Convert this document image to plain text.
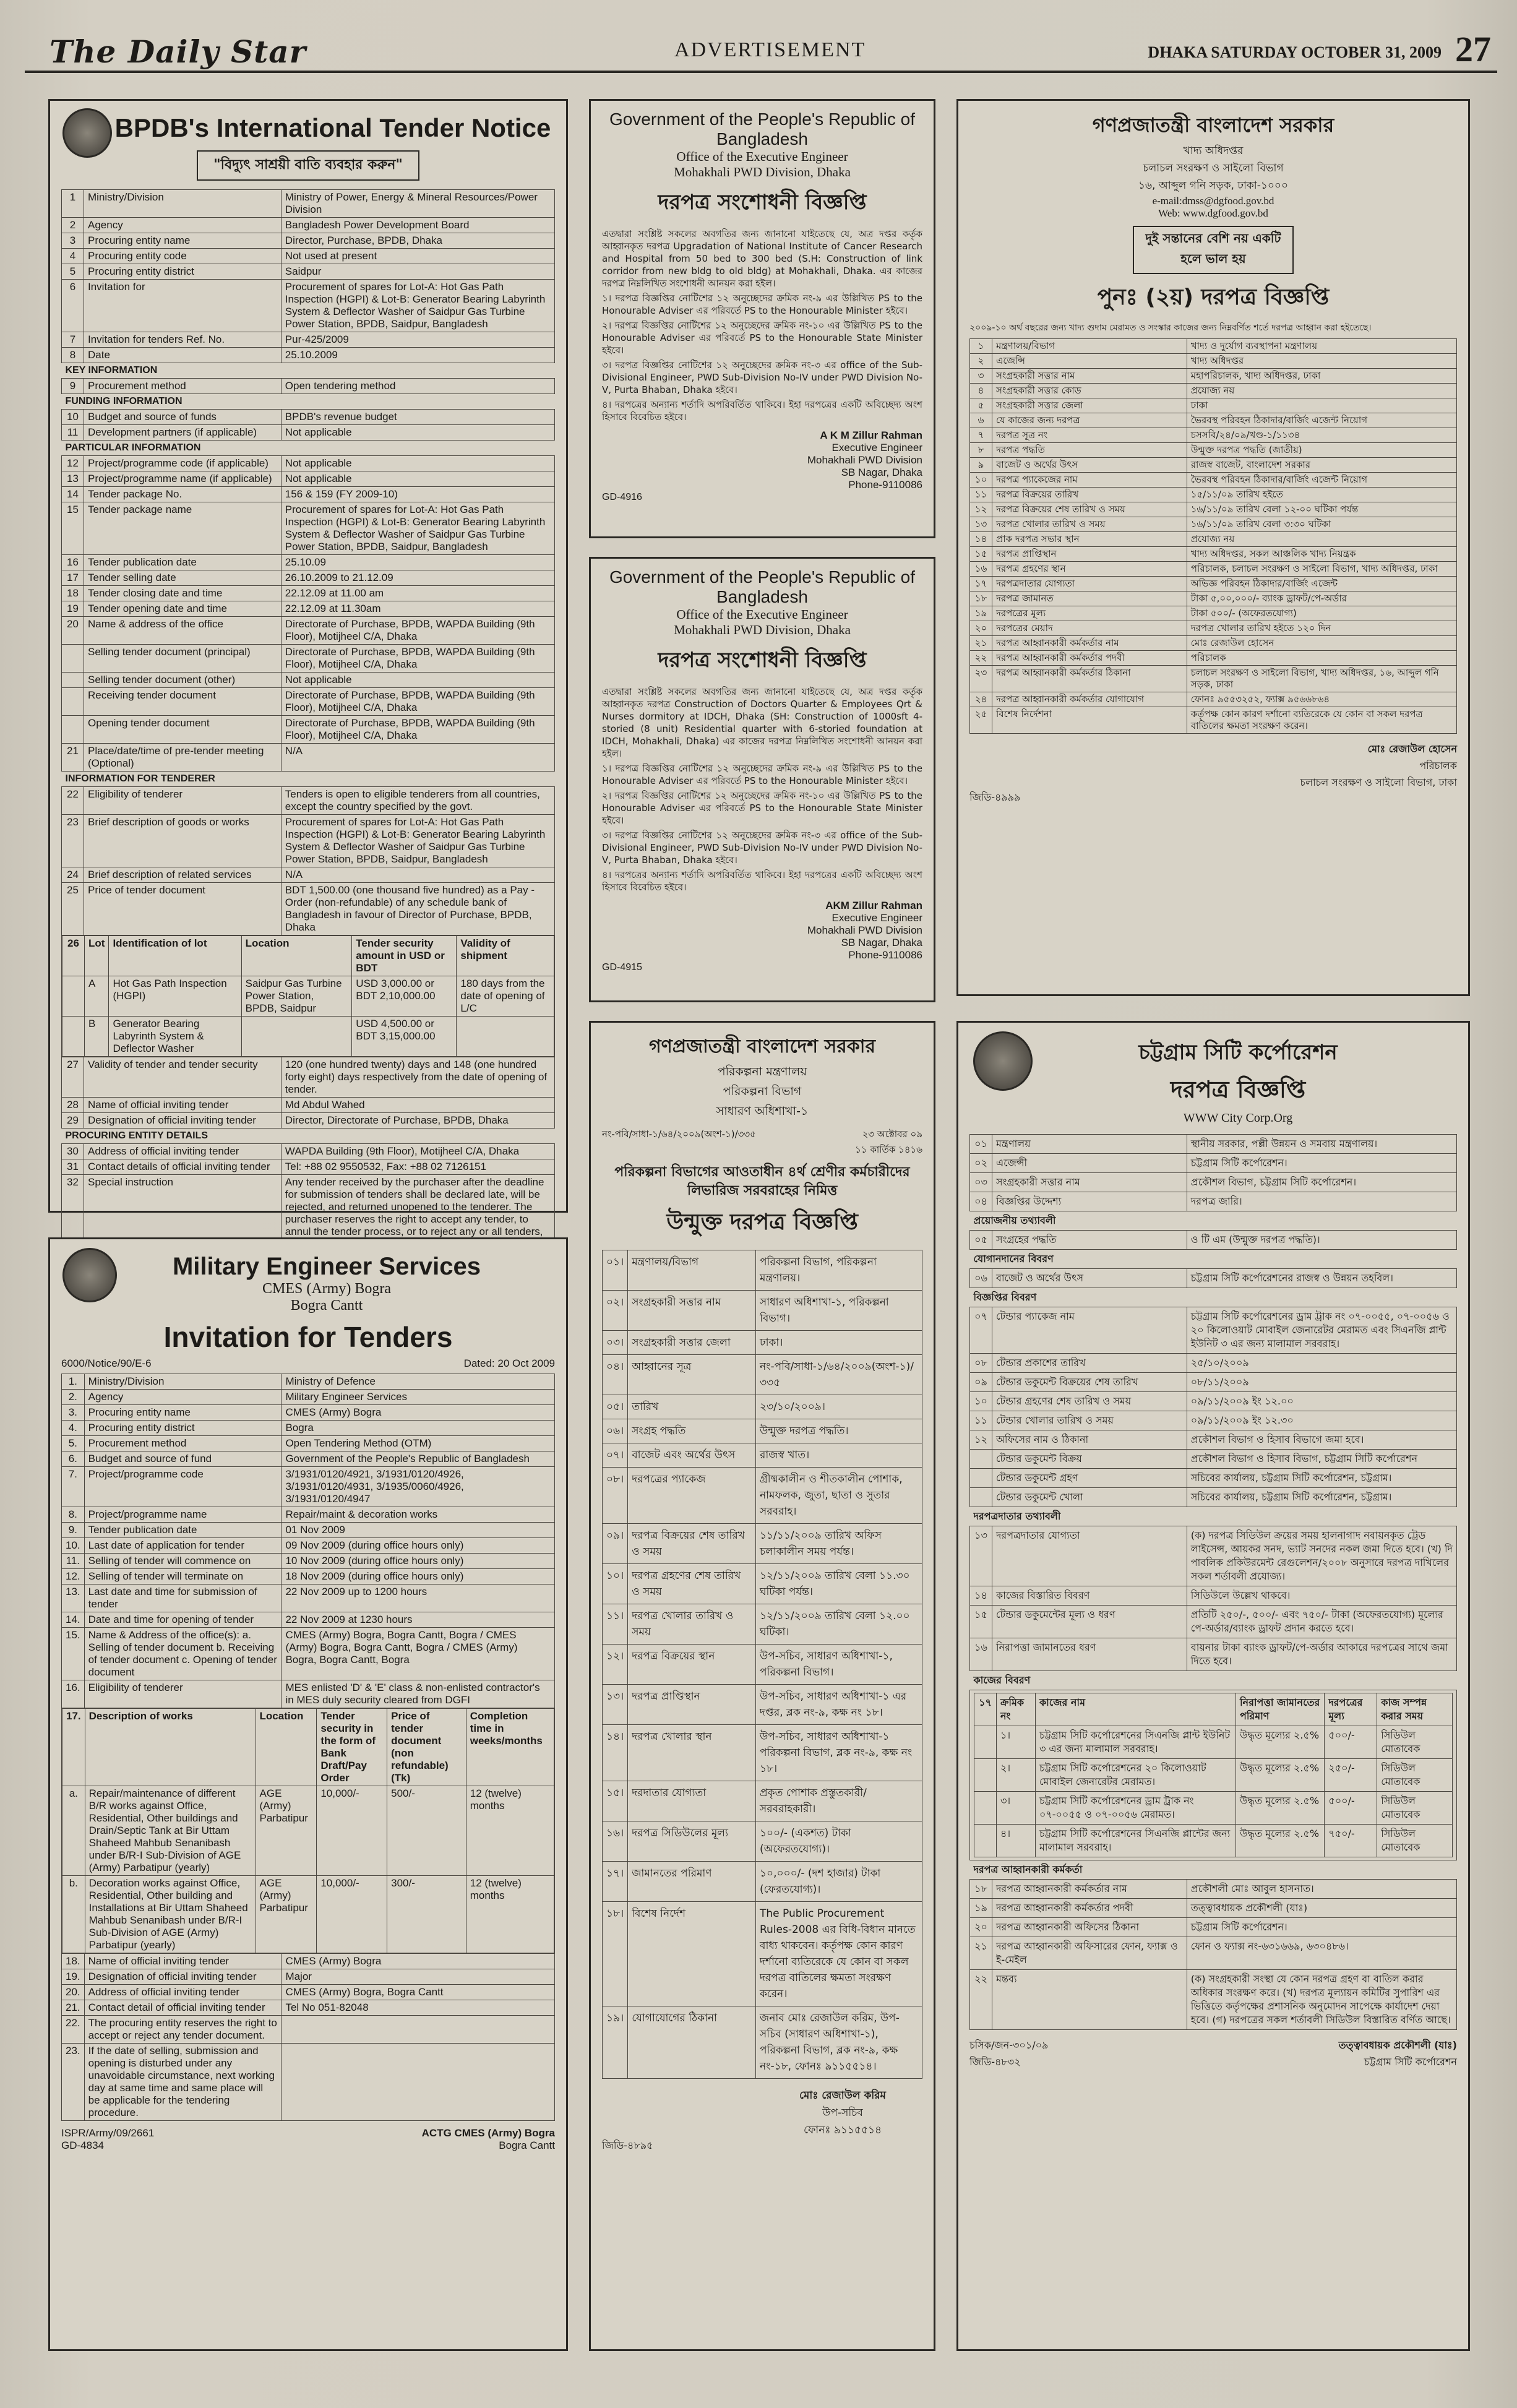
The Daily Star	ADVERTISEMENT	DHAKA SATURDAY OCTOBER 31, 2009 27
BPDB's International Tender Notice
"বিদ্যুৎ সাশ্রয়ী বাতি ব্যবহার করুন"
1	Ministry/Division	Ministry of Power, Energy & Mineral Resources/Power Division
2	Agency	Bangladesh Power Development Board
3	Procuring entity name	Director, Purchase, BPDB, Dhaka
4	Procuring entity code	Not used at present
5	Procuring entity district	Saidpur
6	Invitation for	Procurement of spares for Lot-A: Hot Gas Path Inspection (HGPI) & Lot-B: Generator Bearing Labyrinth System & Deflector Washer of Saidpur Gas Turbine Power Station, BPDB, Saidpur, Bangladesh
7	Invitation for tenders Ref. No.	Pur-425/2009
8	Date	25.10.2009
KEY INFORMATION
9	Procurement method	Open tendering method
FUNDING INFORMATION
10	Budget and source of funds	BPDB's revenue budget
11	Development partners (if applicable)	Not applicable
PARTICULAR INFORMATION
12	Project/programme code (if applicable)	Not applicable
13	Project/programme name (if applicable)	Not applicable
14	Tender package No.	156 & 159 (FY 2009-10)
15	Tender package name	Procurement of spares for Lot-A: Hot Gas Path Inspection (HGPI) & Lot-B: Generator Bearing Labyrinth System & Deflector Washer of Saidpur Gas Turbine Power Station, BPDB, Saidpur, Bangladesh
16	Tender publication date	25.10.09
17	Tender selling date	26.10.2009 to 21.12.09
18	Tender closing date and time	22.12.09 at 11.00 am
19	Tender opening date and time	22.12.09 at 11.30am
20	Name & address of the office	Directorate of Purchase, BPDB, WAPDA Building (9th Floor), Motijheel C/A, Dhaka
	Selling tender document (principal)	Directorate of Purchase, BPDB, WAPDA Building (9th Floor), Motijheel C/A, Dhaka
	Selling tender document (other)	Not applicable
	Receiving tender document	Directorate of Purchase, BPDB, WAPDA Building (9th Floor), Motijheel C/A, Dhaka
	Opening tender document	Directorate of Purchase, BPDB, WAPDA Building (9th Floor), Motijheel C/A, Dhaka
21	Place/date/time of pre-tender meeting (Optional)	N/A
INFORMATION FOR TENDERER
22	Eligibility of tenderer	Tenders is open to eligible tenderers from all countries, except the country specified by the govt.
23	Brief description of goods or works	Procurement of spares for Lot-A: Hot Gas Path Inspection (HGPI) & Lot-B: Generator Bearing Labyrinth System & Deflector Washer of Saidpur Gas Turbine Power Station, BPDB, Saidpur, Bangladesh
24	Brief description of related services	N/A
25	Price of tender document	BDT 1,500.00 (one thousand five hundred) as a Pay -Order (non-refundable) of any schedule bank of Bangladesh in favour of Director of Purchase, BPDB, Dhaka

26	Lot	Identification of lot	Location	Tender security amount in USD or BDT	Validity of shipment
	A	Hot Gas Path Inspection (HGPI)	Saidpur Gas Turbine Power Station, BPDB, Saidpur	USD 3,000.00 or BDT 2,10,000.00	180 days from the date of opening of L/C
	B	Generator Bearing Labyrinth System & Deflector Washer		USD 4,500.00 or BDT 3,15,000.00	

27	Validity of tender and tender security	120 (one hundred twenty) days and 148 (one hundred forty eight) days respectively from the date of opening of tender.
28	Name of official inviting tender	Md Abdul Wahed
29	Designation of official inviting tender	Director, Directorate of Purchase, BPDB, Dhaka
PROCURING ENTITY DETAILS
30	Address of official inviting tender	WAPDA Building (9th Floor), Motijheel C/A, Dhaka
31	Contact details of official inviting tender	Tel: +88 02 9550532, Fax: +88 02 7126151
32	Special instruction	Any tender received by the purchaser after the deadline for submission of tenders shall be declared late, will be rejected, and returned unopened to the tenderer. The purchaser reserves the right to accept any tender, to annul the tender process, or to reject any or all tenders,
Military Engineer Services
CMES (Army) Bogra
Bogra Cantt
Invitation for Tenders
6000/Notice/90/E-6	Dated: 20 Oct 2009
1.	Ministry/Division	Ministry of Defence
2.	Agency	Military Engineer Services
3.	Procuring entity name	CMES (Army) Bogra
4.	Procuring entity district	Bogra
5.	Procurement method	Open Tendering Method (OTM)
6.	Budget and source of fund	Government of the People's Republic of Bangladesh
7.	Project/programme code	3/1931/0120/4921, 3/1931/0120/4926, 3/1931/0120/4931, 3/1935/0060/4926, 3/1931/0120/4947
8.	Project/programme name	Repair/maint & decoration works
9.	Tender publication date	01 Nov 2009
10.	Last date of application for tender	09 Nov 2009 (during office hours only)
11.	Selling of tender will commence on	10 Nov 2009 (during office hours only)
12.	Selling of tender will terminate on	18 Nov 2009 (during office hours only)
13.	Last date and time for submission of tender	22 Nov 2009 up to 1200 hours
14.	Date and time for opening of tender	22 Nov 2009 at 1230 hours
15.	Name & Address of the office(s): a. Selling of tender document b. Receiving of tender document c. Opening of tender document	CMES (Army) Bogra, Bogra Cantt, Bogra / CMES (Army) Bogra, Bogra Cantt, Bogra / CMES (Army) Bogra, Bogra Cantt, Bogra
16.	Eligibility of tenderer	MES enlisted 'D' & 'E' class & non-enlisted contractor's in MES duly security cleared from DGFI

17.	Description of works	Location	Tender security in the form of Bank Draft/Pay Order	Price of tender document (non refundable) (Tk)	Completion time in weeks/months
a.	Repair/maintenance of different B/R works against Office, Residential, Other buildings and Drain/Septic Tank at Bir Uttam Shaheed Mahbub Senanibash under B/R-I Sub-Division of AGE (Army) Parbatipur (yearly)	AGE (Army) Parbatipur	10,000/-	500/-	12 (twelve) months
b.	Decoration works against Office, Residential, Other building and Installations at Bir Uttam Shaheed Mahbub Senanibash under B/R-I Sub-Division of AGE (Army) Parbatipur (yearly)	AGE (Army) Parbatipur	10,000/-	300/-	12 (twelve) months

18.	Name of official inviting tender	CMES (Army) Bogra
19.	Designation of official inviting tender	Major
20.	Address of official inviting tender	CMES (Army) Bogra, Bogra Cantt
21.	Contact detail of official inviting tender	Tel No 051-82048
22.	The procuring entity reserves the right to accept or reject any tender document.	
23.	If the date of selling, submission and opening is disturbed under any unavoidable circumstance, next working day at same time and same place will be applicable for the tendering procedure.	
ISPR/Army/09/2661
GD-4834
ACTG CMES (Army) Bogra
Bogra Cantt
Government of the People's Republic of Bangladesh
Office of the Executive Engineer
Mohakhali PWD Division, Dhaka
দরপত্র সংশোধনী বিজ্ঞপ্তি
এতদ্বারা সংশ্লিষ্ট সকলের অবগতির জন্য জানানো যাইতেছে যে, অত্র দপ্তর কর্তৃক আহ্বানকৃত দরপত্র Upgradation of National Institute of Cancer Research and Hospital from 50 bed to 300 bed (S.H: Construction of link corridor from new bldg to old bldg) at Mohakhali, Dhaka. এর কাজের দরপত্র নিম্নলিখিত সংশোধনী আনয়ন করা হইল।
১। দরপত্র বিজ্ঞপ্তির নোটিশের ১২ অনুচ্ছেদের ক্রমিক নং-৯ এর উল্লিখিত PS to the Honourable Adviser এর পরিবর্তে PS to the Honourable Minister হইবে।
২। দরপত্র বিজ্ঞপ্তির নোটিশের ১২ অনুচ্ছেদের ক্রমিক নং-১০ এর উল্লিখিত PS to the Honourable Adviser এর পরিবর্তে PS to the Honourable State Minister হইবে।
৩। দরপত্র বিজ্ঞপ্তির নোটিশের ১২ অনুচ্ছেদের ক্রমিক নং-৩ এর office of the Sub-Divisional Engineer, PWD Sub-Division No-IV under PWD Division No-V, Purta Bhaban, Dhaka হইবে।
৪। দরপত্রের অন্যান্য শর্তাদি অপরিবর্তিত থাকিবে। ইহা দরপত্রের একটি অবিচ্ছেদ্য অংশ হিসাবে বিবেচিত হইবে।
A K M Zillur Rahman
Executive Engineer
Mohakhali PWD Division
SB Nagar, Dhaka
Phone-9110086
GD-4916
Government of the People's Republic of Bangladesh
Office of the Executive Engineer
Mohakhali PWD Division, Dhaka
দরপত্র সংশোধনী বিজ্ঞপ্তি
এতদ্বারা সংশ্লিষ্ট সকলের অবগতির জন্য জানানো যাইতেছে যে, অত্র দপ্তর কর্তৃক আহ্বানকৃত দরপত্র Construction of Doctors Quarter & Employees Qrt & Nurses dormitory at IDCH, Dhaka (SH: Construction of 1000sft 4-storied (8 unit) Residential quarter with 6-storied foundation at IDCH, Mohakhali, Dhaka) এর কাজের দরপত্র নিম্নলিখিত সংশোধনী আনয়ন করা হইল।
১। দরপত্র বিজ্ঞপ্তির নোটিশের ১২ অনুচ্ছেদের ক্রমিক নং-৯ এর উল্লিখিত PS to the Honourable Adviser এর পরিবর্তে PS to the Honourable Minister হইবে।
২। দরপত্র বিজ্ঞপ্তির নোটিশের ১২ অনুচ্ছেদের ক্রমিক নং-১০ এর উল্লিখিত PS to the Honourable Adviser এর পরিবর্তে PS to the Honourable State Minister হইবে।
৩। দরপত্র বিজ্ঞপ্তির নোটিশের ১২ অনুচ্ছেদের ক্রমিক নং-৩ এর office of the Sub-Divisional Engineer, PWD Sub-Division No-IV under PWD Division No-V, Purta Bhaban, Dhaka হইবে।
৪। দরপত্রের অন্যান্য শর্তাদি অপরিবর্তিত থাকিবে। ইহা দরপত্রের একটি অবিচ্ছেদ্য অংশ হিসাবে বিবেচিত হইবে।
AKM Zillur Rahman
Executive Engineer
Mohakhali PWD Division
SB Nagar, Dhaka
Phone-9110086
GD-4915
গণপ্রজাতন্ত্রী বাংলাদেশ সরকার
পরিকল্পনা মন্ত্রণালয়
পরিকল্পনা বিভাগ
সাধারণ অধিশাখা-১
নং-পবি/সাধা-১/৬৪/২০০৯(অংশ-১)/৩৩৫	২৩ অক্টোবর ০৯
১১ কার্তিক ১৪১৬
পরিকল্পনা বিভাগের আওতাধীন ৪র্থ শ্রেণীর কর্মচারীদের লিভারিজ সরবরাহের নিমিত্ত
উন্মুক্ত দরপত্র বিজ্ঞপ্তি
০১।	মন্ত্রণালয়/বিভাগ	পরিকল্পনা বিভাগ, পরিকল্পনা মন্ত্রণালয়।
০২।	সংগ্রহকারী সত্তার নাম	সাধারণ অধিশাখা-১, পরিকল্পনা বিভাগ।
০৩।	সংগ্রহকারী সত্তার জেলা	ঢাকা।
০৪।	আহ্বানের সূত্র	নং-পবি/সাধা-১/৬৪/২০০৯(অংশ-১)/৩৩৫
০৫।	তারিখ	২৩/১০/২০০৯।
০৬।	সংগ্রহ পদ্ধতি	উন্মুক্ত দরপত্র পদ্ধতি।
০৭।	বাজেট এবং অর্থের উৎস	রাজস্ব খাত।
০৮।	দরপত্রের প্যাকেজ	গ্রীষ্মকালীন ও শীতকালীন পোশাক, নামফলক, জুতা, ছাতা ও সুতার সরবরাহ।
০৯।	দরপত্র বিক্রয়ের শেষ তারিখ ও সময়	১১/১১/২০০৯ তারিখ অফিস চলাকালীন সময় পর্যন্ত।
১০।	দরপত্র গ্রহণের শেষ তারিখ ও সময়	১২/১১/২০০৯ তারিখ বেলা ১১.৩০ ঘটিকা পর্যন্ত।
১১।	দরপত্র খোলার তারিখ ও সময়	১২/১১/২০০৯ তারিখ বেলা ১২.০০ ঘটিকা।
১২।	দরপত্র বিক্রয়ের স্থান	উপ-সচিব, সাধারণ অধিশাখা-১, পরিকল্পনা বিভাগ।
১৩।	দরপত্র প্রাপ্তিস্থান	উপ-সচিব, সাধারণ অধিশাখা-১ এর দপ্তর, ব্লক নং-৯, কক্ষ নং ১৮।
১৪।	দরপত্র খোলার স্থান	উপ-সচিব, সাধারণ অধিশাখা-১ পরিকল্পনা বিভাগ, ব্লক নং-৯, কক্ষ নং ১৮।
১৫।	দরদাতার যোগ্যতা	প্রকৃত পোশাক প্রস্তুতকারী/সরবরাহকারী।
১৬।	দরপত্র সিডিউলের মূল্য	১০০/- (একশত) টাকা (অফেরতযোগ্য)।
১৭।	জামানতের পরিমাণ	১০,০০০/- (দশ হাজার) টাকা (ফেরতযোগ্য)।
১৮।	বিশেষ নির্দেশ	The Public Procurement Rules-2008 এর বিধি-বিধান মানতে বাধ্য থাকবেন। কর্তৃপক্ষ কোন কারণ দর্শানো ব্যতিরেকে যে কোন বা সকল দরপত্র বাতিলের ক্ষমতা সংরক্ষণ করেন।
১৯।	যোগাযোগের ঠিকানা	জনাব মোঃ রেজাউল করিম, উপ-সচিব (সাধারণ অধিশাখা-১), পরিকল্পনা বিভাগ, ব্লক নং-৯, কক্ষ নং-১৮, ফোনঃ ৯১১৫৫১৪।
মোঃ রেজাউল করিম
উপ-সচিব
ফোনঃ ৯১১৫৫১৪
জিডি-৪৮৯৫
গণপ্রজাতন্ত্রী বাংলাদেশ সরকার
খাদ্য অধিদপ্তর
চলাচল সংরক্ষণ ও সাইলো বিভাগ
১৬, আব্দুল গনি সড়ক, ঢাকা-১০০০
e-mail:dmss@dgfood.gov.bd
Web: www.dgfood.gov.bd
দুই সন্তানের বেশি নয় একটি হলে ভাল হয়
পুনঃ (২য়) দরপত্র বিজ্ঞপ্তি
২০০৯-১০ অর্থ বছরের জন্য খাদ্য গুদাম মেরামত ও সংস্কার কাজের জন্য নিম্নবর্ণিত শর্তে দরপত্র আহ্বান করা হইতেছে।
১	মন্ত্রণালয়/বিভাগ	খাদ্য ও দুর্যোগ ব্যবস্থাপনা মন্ত্রণালয়
২	এজেন্সি	খাদ্য অধিদপ্তর
৩	সংগ্রহকারী সত্তার নাম	মহাপরিচালক, খাদ্য অধিদপ্তর, ঢাকা
৪	সংগ্রহকারী সত্তার কোড	প্রযোজ্য নয়
৫	সংগ্রহকারী সত্তার জেলা	ঢাকা
৬	যে কাজের জন্য দরপত্র	ভৈরবস্থ পরিবহন ঠিকাদার/বার্জিং এজেন্ট নিয়োগ
৭	দরপত্র সূত্র নং	চসসবি/২৪/০৯/খণ্ড-১/১১৩৪
৮	দরপত্র পদ্ধতি	উন্মুক্ত দরপত্র পদ্ধতি (জাতীয়)
৯	বাজেট ও অর্থের উৎস	রাজস্ব বাজেট, বাংলাদেশ সরকার
১০	দরপত্র প্যাকেজের নাম	ভৈরবস্থ পরিবহন ঠিকাদার/বার্জিং এজেন্ট নিয়োগ
১১	দরপত্র বিক্রয়ের তারিখ	১৫/১১/০৯ তারিখ হইতে
১২	দরপত্র বিক্রয়ের শেষ তারিখ ও সময়	১৬/১১/০৯ তারিখ বেলা ১২-০০ ঘটিকা পর্যন্ত
১৩	দরপত্র খোলার তারিখ ও সময়	১৬/১১/০৯ তারিখ বেলা ৩:৩০ ঘটিকা
১৪	প্রাক দরপত্র সভার স্থান	প্রযোজ্য নয়
১৫	দরপত্র প্রাপ্তিস্থান	খাদ্য অধিদপ্তর, সকল আঞ্চলিক খাদ্য নিয়ন্ত্রক
১৬	দরপত্র গ্রহণের স্থান	পরিচালক, চলাচল সংরক্ষণ ও সাইলো বিভাগ, খাদ্য অধিদপ্তর, ঢাকা
১৭	দরপত্রদাতার যোগ্যতা	অভিজ্ঞ পরিবহন ঠিকাদার/বার্জিং এজেন্ট
১৮	দরপত্র জামানত	টাকা ৫,০০,০০০/- ব্যাংক ড্রাফট/পে-অর্ডার
১৯	দরপত্রের মূল্য	টাকা ৫০০/- (অফেরতযোগ্য)
২০	দরপত্রের মেয়াদ	দরপত্র খোলার তারিখ হইতে ১২০ দিন
২১	দরপত্র আহ্বানকারী কর্মকর্তার নাম	মোঃ রেজাউল হোসেন
২২	দরপত্র আহ্বানকারী কর্মকর্তার পদবী	পরিচালক
২৩	দরপত্র আহ্বানকারী কর্মকর্তার ঠিকানা	চলাচল সংরক্ষণ ও সাইলো বিভাগ, খাদ্য অধিদপ্তর, ১৬, আব্দুল গনি সড়ক, ঢাকা
২৪	দরপত্র আহ্বানকারী কর্মকর্তার যোগাযোগ	ফোনঃ ৯৫৫৩২৫২, ফ্যাক্স ৯৫৬৬৮৬৪
২৫	বিশেষ নির্দেশনা	কর্তৃপক্ষ কোন কারণ দর্শানো ব্যতিরেকে যে কোন বা সকল দরপত্র বাতিলের ক্ষমতা সংরক্ষণ করেন।
মোঃ রেজাউল হোসেন
পরিচালক
চলাচল সংরক্ষণ ও সাইলো বিভাগ, ঢাকা
জিডি-৪৯৯৯
চট্টগ্রাম সিটি কর্পোরেশন
দরপত্র বিজ্ঞপ্তি
WWW City Corp.Org
০১	মন্ত্রণালয়	স্থানীয় সরকার, পল্লী উন্নয়ন ও সমবায় মন্ত্রণালয়।
০২	এজেন্সী	চট্টগ্রাম সিটি কর্পোরেশন।
০৩	সংগ্রহকারী সত্তার নাম	প্রকৌশল বিভাগ, চট্টগ্রাম সিটি কর্পোরেশন।
০৪	বিজ্ঞপ্তির উদ্দেশ্য	দরপত্র জারি।
প্রয়োজনীয় তথ্যাবলী
০৫	সংগ্রহের পদ্ধতি	ও টি এম (উন্মুক্ত দরপত্র পদ্ধতি)।
যোগানদানের বিবরণ
০৬	বাজেট ও অর্থের উৎস	চট্টগ্রাম সিটি কর্পোরেশনের রাজস্ব ও উন্নয়ন তহবিল।
বিজ্ঞপ্তির বিবরণ
০৭	টেন্ডার প্যাকেজ নাম	চট্টগ্রাম সিটি কর্পোরেশনের ড্রাম ট্রাক নং ০৭-০০৫৫, ০৭-০০৫৬ ও ২০ কিলোওয়াট মোবাইল জেনারেটর মেরামত এবং সিএনজি প্লান্ট ইউনিট ৩ এর জন্য মালামাল সরবরাহ।
০৮	টেন্ডার প্রকাশের তারিখ	২৫/১০/২০০৯
০৯	টেন্ডার ডকুমেন্ট বিক্রয়ের শেষ তারিখ	০৮/১১/২০০৯
১০	টেন্ডার গ্রহণের শেষ তারিখ ও সময়	০৯/১১/২০০৯ ইং ১২.০০
১১	টেন্ডার খোলার তারিখ ও সময়	০৯/১১/২০০৯ ইং ১২.৩০
১২	অফিসের নাম ও ঠিকানা	প্রকৌশল বিভাগ ও হিসাব বিভাগে জমা হবে।
	টেন্ডার ডকুমেন্ট বিক্রয়	প্রকৌশল বিভাগ ও হিসাব বিভাগ, চট্টগ্রাম সিটি কর্পোরেশন
	টেন্ডার ডকুমেন্ট গ্রহণ	সচিবের কার্যালয়, চট্টগ্রাম সিটি কর্পোরেশন, চট্টগ্রাম।
	টেন্ডার ডকুমেন্ট খোলা	সচিবের কার্যালয়, চট্টগ্রাম সিটি কর্পোরেশন, চট্টগ্রাম।
দরপত্রদাতার তথ্যাবলী
১৩	দরপত্রদাতার যোগ্যতা	(ক) দরপত্র সিডিউল ক্রয়ের সময় হালনাগাদ নবায়নকৃত ট্রেড লাইসেন্স, আয়কর সনদ, ভ্যাট সনদের নকল জমা দিতে হবে। (খ) দি পাবলিক প্রকিউরমেন্ট রেগুলেশন/২০০৮ অনুসারে দরপত্র দাখিলের সকল শর্তাবলী প্রযোজ্য।
১৪	কাজের বিস্তারিত বিবরণ	সিডিউলে উল্লেখ থাকবে।
১৫	টেন্ডার ডকুমেন্টের মূল্য ও ধরণ	প্রতিটি ২৫০/-, ৫০০/- এবং ৭৫০/- টাকা (অফেরতযোগ্য) মূল্যের পে-অর্ডার/ব্যাংক ড্রাফট প্রদান করতে হবে।
১৬	নিরাপত্তা জামানতের ধরণ	বায়নার টাকা ব্যাংক ড্রাফট/পে-অর্ডার আকারে দরপত্রের সাথে জমা দিতে হবে।
কাজের বিবরণ

১৭	ক্রমিক নং	কাজের নাম	নিরাপত্তা জামানতের পরিমাণ	দরপত্রের মূল্য	কাজ সম্পন্ন করার সময়
	১।	চট্টগ্রাম সিটি কর্পোরেশনের সিএনজি প্লান্ট ইউনিট ৩ এর জন্য মালামাল সরবরাহ।	উদ্ধৃত মূল্যের ২.৫%	৫০০/-	সিডিউল মোতাবেক
	২।	চট্টগ্রাম সিটি কর্পোরেশনের ২০ কিলোওয়াট মোবাইল জেনারেটর মেরামত।	উদ্ধৃত মূল্যের ২.৫%	২৫০/-	সিডিউল মোতাবেক
	৩।	চট্টগ্রাম সিটি কর্পোরেশনের ড্রাম ট্রাক নং ০৭-০০৫৫ ও ০৭-০০৫৬ মেরামত।	উদ্ধৃত মূল্যের ২.৫%	৫০০/-	সিডিউল মোতাবেক
	৪।	চট্টগ্রাম সিটি কর্পোরেশনের সিএনজি প্লান্টের জন্য মালামাল সরবরাহ।	উদ্ধৃত মূল্যের ২.৫%	৭৫০/-	সিডিউল মোতাবেক

দরপত্র আহ্বানকারী কর্মকর্তা
১৮	দরপত্র আহ্বানকারী কর্মকর্তার নাম	প্রকৌশলী মোঃ আবুল হাসনাত।
১৯	দরপত্র আহ্বানকারী কর্মকর্তার পদবী	তত্ত্বাবধায়ক প্রকৌশলী (যাঃ)
২০	দরপত্র আহ্বানকারী অফিসের ঠিকানা	চট্টগ্রাম সিটি কর্পোরেশন।
২১	দরপত্র আহ্বানকারী অফিসারের ফোন, ফ্যাক্স ও ই-মেইল	ফোন ও ফ্যাক্স নং-৬৩১৬৬৯, ৬৩০৪৮৬।
২২	মন্তব্য	(ক) সংগ্রহকারী সংস্থা যে কোন দরপত্র গ্রহণ বা বাতিল করার অধিকার সংরক্ষণ করে। (খ) দরপত্র মূল্যায়ন কমিটির সুপারিশ এর ভিত্তিতে কর্তৃপক্ষের প্রশাসনিক অনুমোদন সাপেক্ষে কার্যাদেশ দেয়া হবে। (গ) দরপত্রের সকল শর্তাবলী সিডিউল বিস্তারিত বর্ণিত আছে।
চসিক/জন-৩০১/০৯
জিডি-৪৮৩২
তত্ত্বাবধায়ক প্রকৌশলী (যাঃ)
চট্টগ্রাম সিটি কর্পোরেশন
